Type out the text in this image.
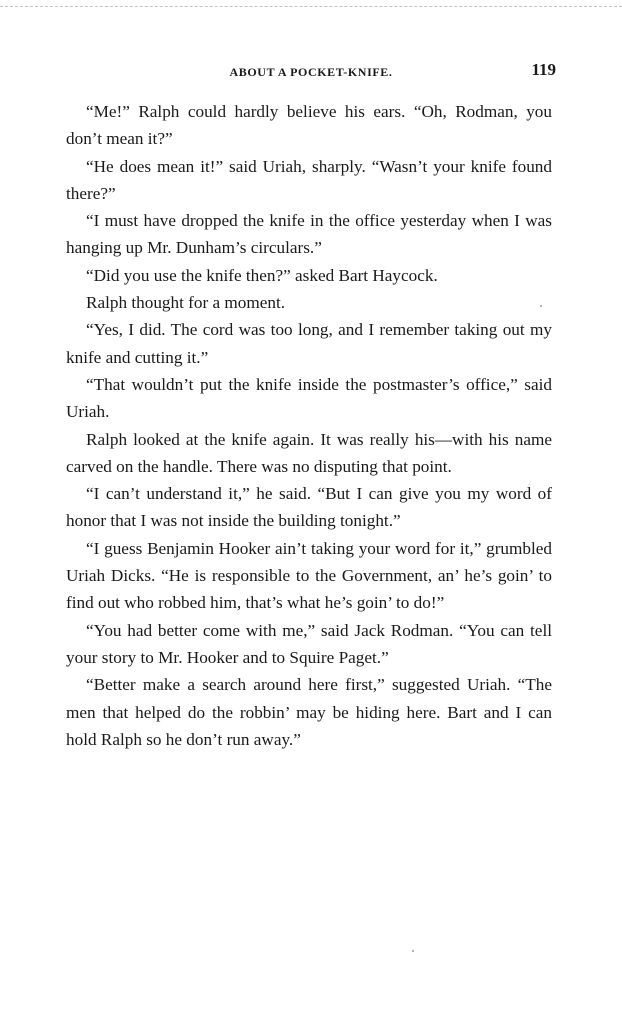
ABOUT A POCKET-KNIFE.	119

“Me!” Ralph could hardly believe his ears. “Oh, Rodman, you don’t mean it?”

“He does mean it!” said Uriah, sharply. “Wasn’t your knife found there?”

“I must have dropped the knife in the office yesterday when I was hanging up Mr. Dunham’s circulars.”

“Did you use the knife then?” asked Bart Haycock.

Ralph thought for a moment.

“Yes, I did. The cord was too long, and I remember taking out my knife and cutting it.”

“That wouldn’t put the knife inside the postmaster’s office,” said Uriah.

Ralph looked at the knife again. It was really his—with his name carved on the handle. There was no disputing that point.

“I can’t understand it,” he said. “But I can give you my word of honor that I was not inside the building tonight.”

“I guess Benjamin Hooker ain’t taking your word for it,” grumbled Uriah Dicks. “He is responsible to the Government, an’ he’s goin’ to find out who robbed him, that’s what he’s goin’ to do!”

“You had better come with me,” said Jack Rodman. “You can tell your story to Mr. Hooker and to Squire Paget.”

“Better make a search around here first,” suggested Uriah. “The men that helped do the robbin’ may be hiding here. Bart and I can hold Ralph so he don’t run away.”
